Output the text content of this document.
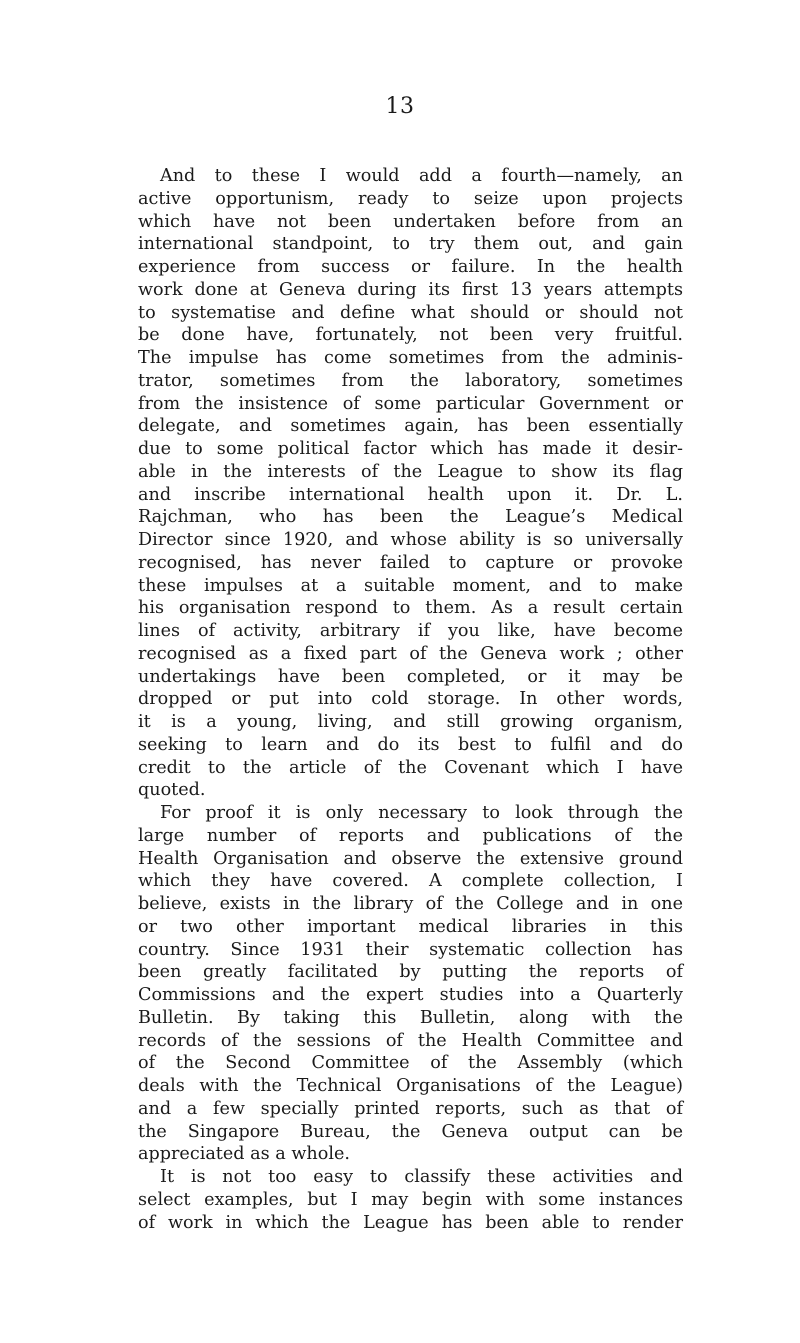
13
And to these I would add a fourth—namely, an
active opportunism, ready to seize upon projects
which have not been undertaken before from an
international standpoint, to try them out, and gain
experience from success or failure. In the health
work done at Geneva during its first 13 years attempts
to systematise and define what should or should not
be done have, fortunately, not been very fruitful.
The impulse has come sometimes from the adminis-
trator, sometimes from the laboratory, sometimes
from the insistence of some particular Government or
delegate, and sometimes again, has been essentially
due to some political factor which has made it desir-
able in the interests of the League to show its flag
and inscribe international health upon it. Dr. L.
Rajchman, who has been the League’s Medical
Director since 1920, and whose ability is so universally
recognised, has never failed to capture or provoke
these impulses at a suitable moment, and to make
his organisation respond to them. As a result certain
lines of activity, arbitrary if you like, have become
recognised as a fixed part of the Geneva work ; other
undertakings have been completed, or it may be
dropped or put into cold storage. In other words,
it is a young, living, and still growing organism,
seeking to learn and do its best to fulfil and do
credit to the article of the Covenant which I have
quoted.
For proof it is only necessary to look through the
large number of reports and publications of the
Health Organisation and observe the extensive ground
which they have covered. A complete collection, I
believe, exists in the library of the College and in one
or two other important medical libraries in this
country. Since 1931 their systematic collection has
been greatly facilitated by putting the reports of
Commissions and the expert studies into a Quarterly
Bulletin. By taking this Bulletin, along with the
records of the sessions of the Health Committee and
of the Second Committee of the Assembly (which
deals with the Technical Organisations of the League)
and a few specially printed reports, such as that of
the Singapore Bureau, the Geneva output can be
appreciated as a whole.
It is not too easy to classify these activities and
select examples, but I may begin with some instances
of work in which the League has been able to render
